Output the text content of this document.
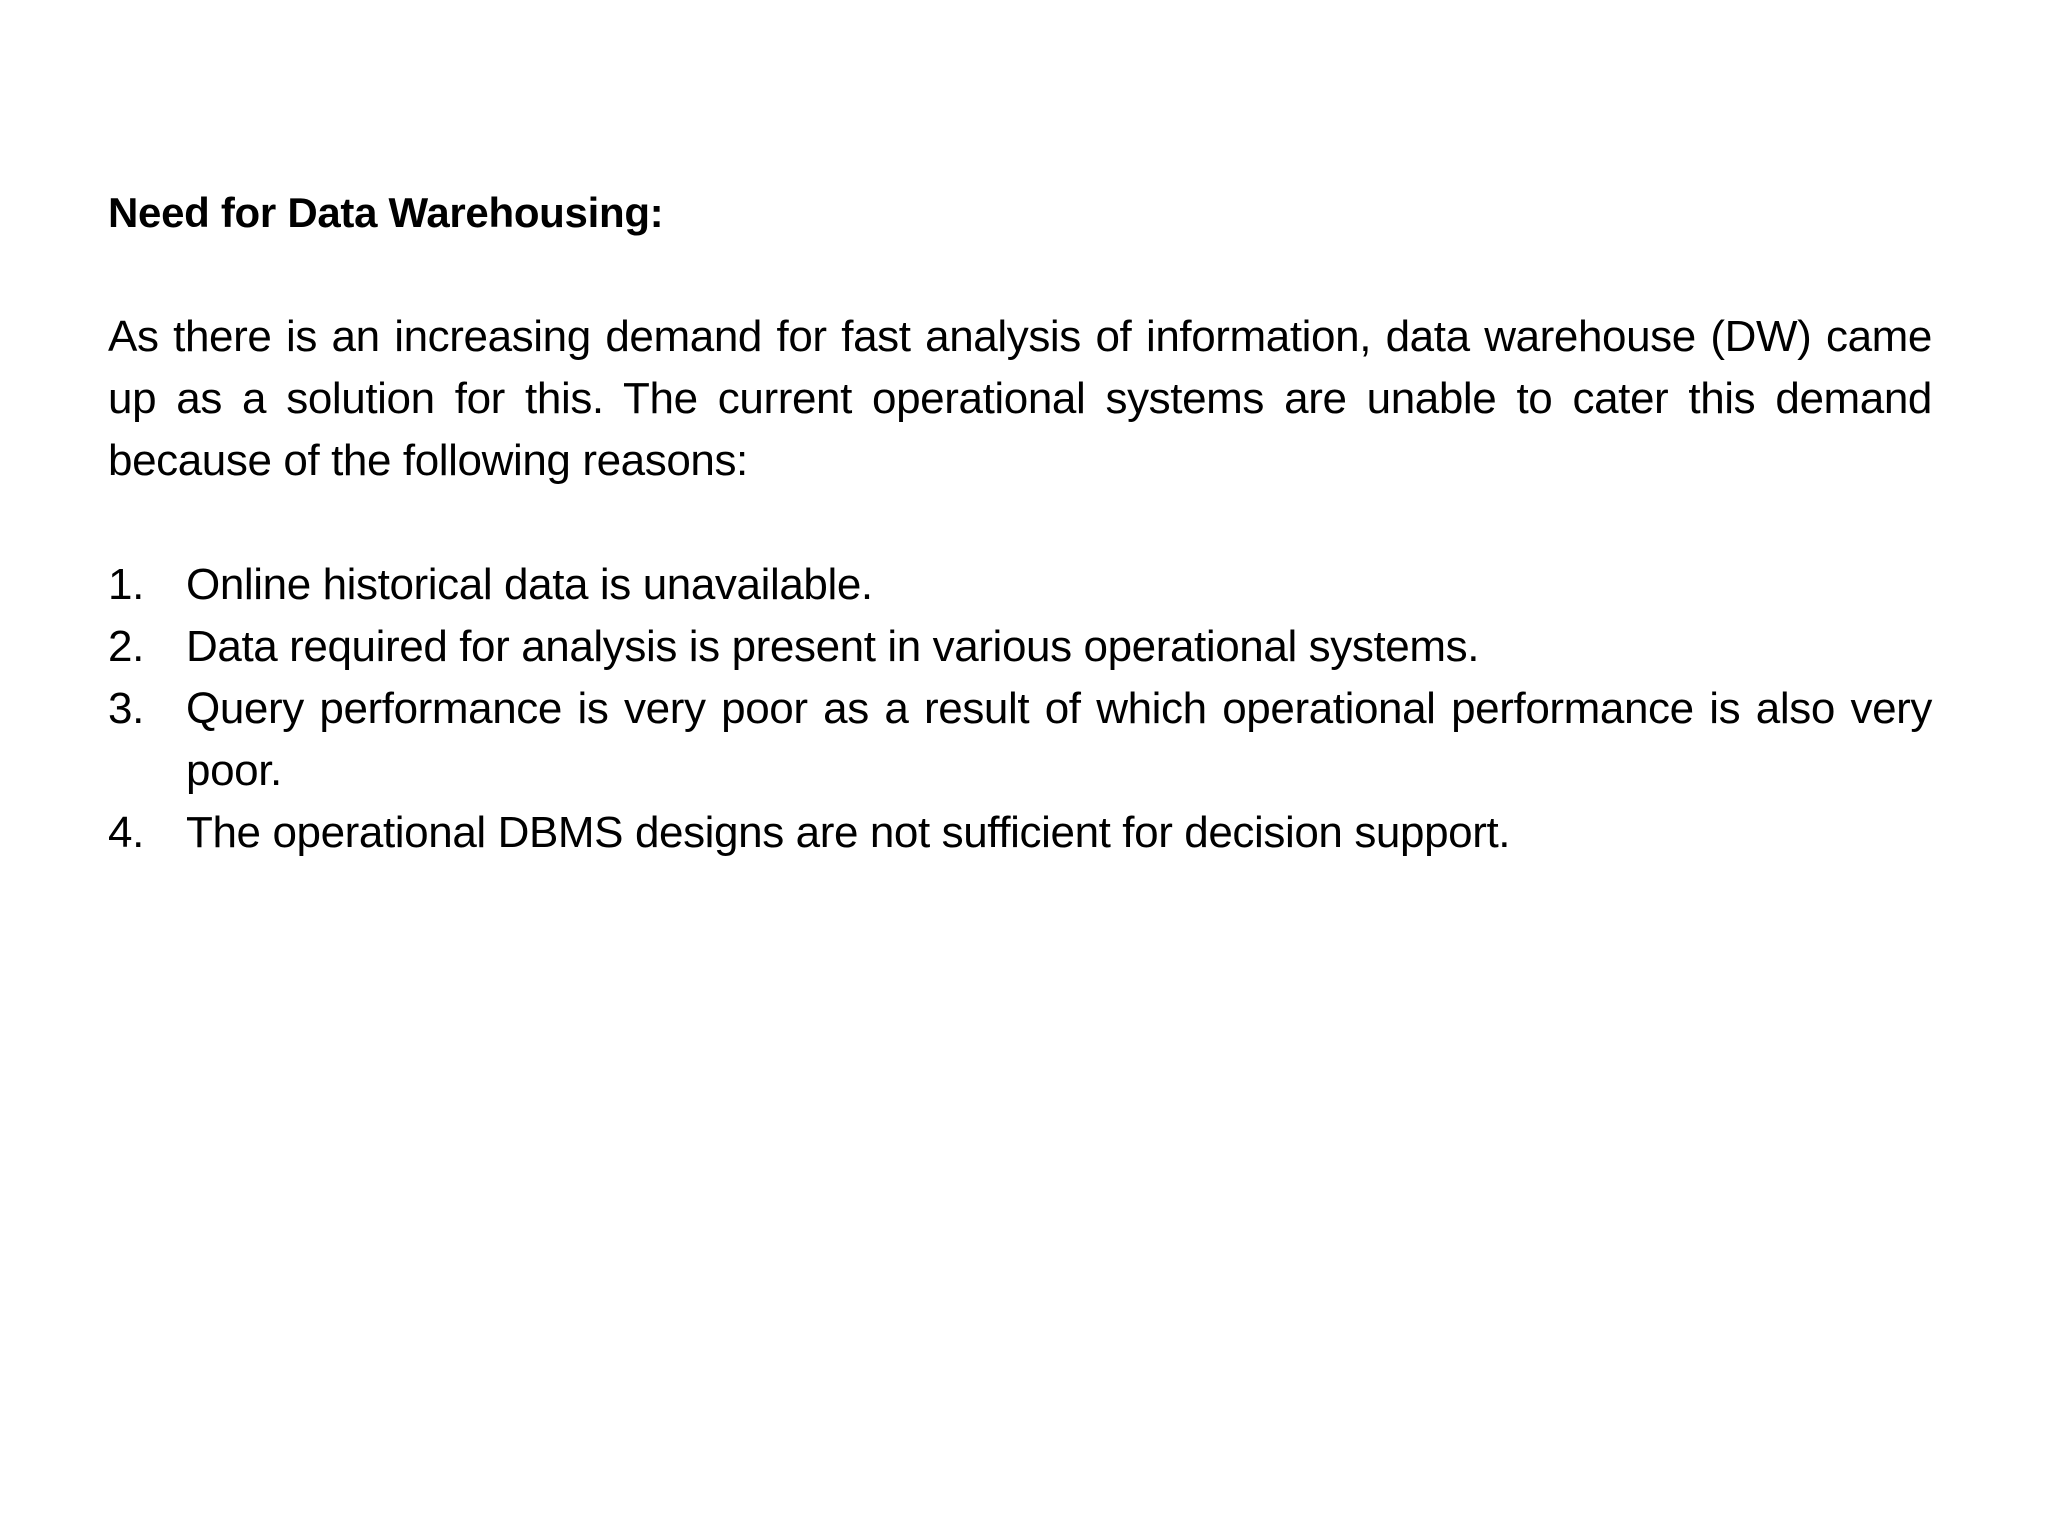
Need for Data Warehousing:

As there is an increasing demand for fast analysis of information, data warehouse (DW) came up as a solution for this. The current operational systems are unable to cater this demand because of the following reasons:

1. Online historical data is unavailable.
2. Data required for analysis is present in various operational systems.
3. Query performance is very poor as a result of which operational performance is also very poor.
4. The operational DBMS designs are not sufficient for decision support.
